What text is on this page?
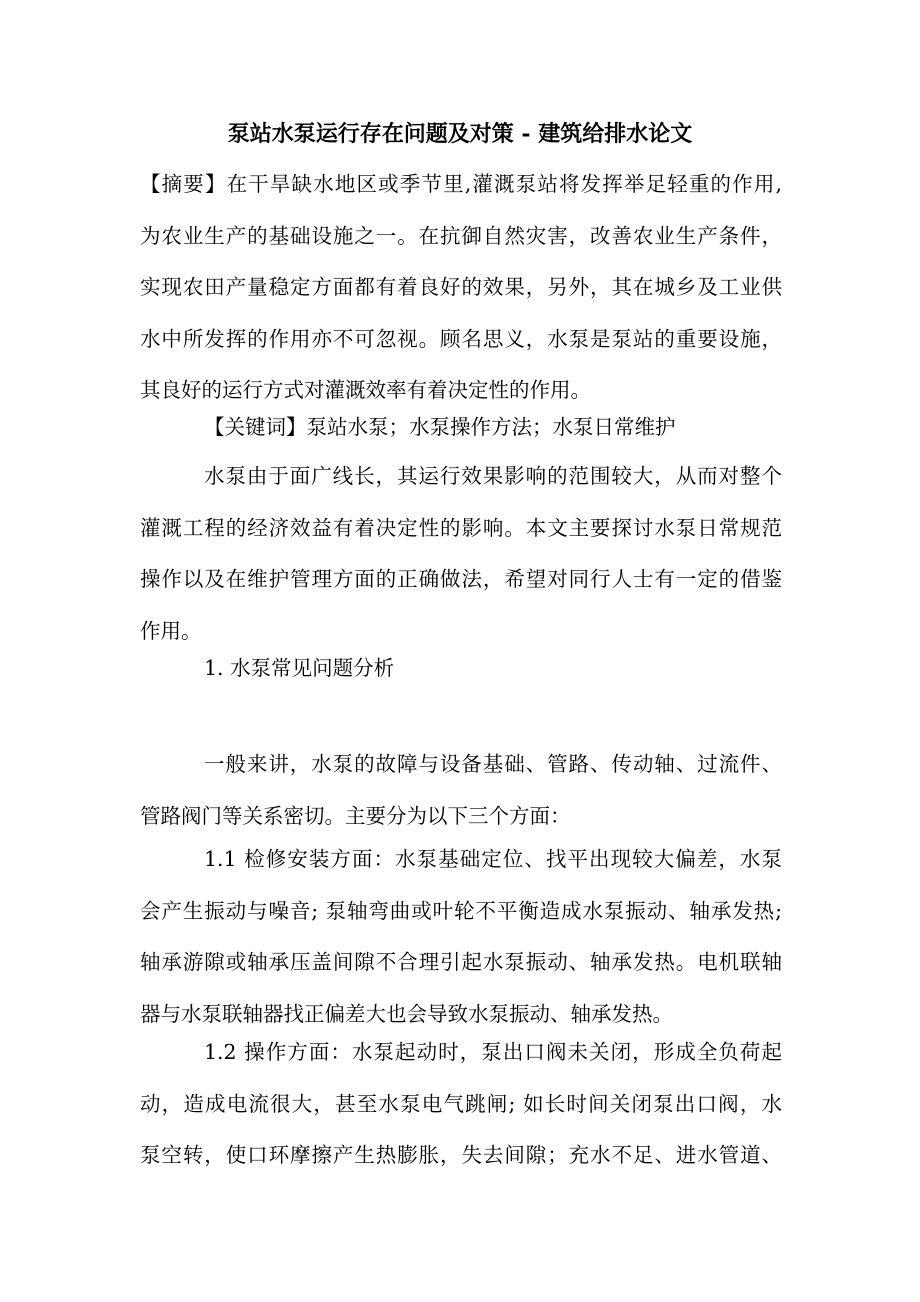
泵站水泵运行存在问题及对策 - 建筑给排水论文
【摘要】在干旱缺水地区或季节里,灌溉泵站将发挥举足轻重的作用,
为农业生产的基础设施之一。在抗御自然灾害，改善农业生产条件，
实现农田产量稳定方面都有着良好的效果，另外，其在城乡及工业供
水中所发挥的作用亦不可忽视。顾名思义，水泵是泵站的重要设施，
其良好的运行方式对灌溉效率有着决定性的作用。
【关键词】泵站水泵；水泵操作方法；水泵日常维护
水泵由于面广线长，其运行效果影响的范围较大，从而对整个
灌溉工程的经济效益有着决定性的影响。本文主要探讨水泵日常规范
操作以及在维护管理方面的正确做法，希望对同行人士有一定的借鉴
作用。
1. 水泵常见问题分析
一般来讲，水泵的故障与设备基础、管路、传动轴、过流件、
管路阀门等关系密切。主要分为以下三个方面：
1.1 检修安装方面：水泵基础定位、找平出现较大偏差，水泵
会产生振动与噪音; 泵轴弯曲或叶轮不平衡造成水泵振动、轴承发热;
轴承游隙或轴承压盖间隙不合理引起水泵振动、轴承发热。电机联轴
器与水泵联轴器找正偏差大也会导致水泵振动、轴承发热。
1.2 操作方面：水泵起动时，泵出口阀未关闭，形成全负荷起
动，造成电流很大，甚至水泵电气跳闸; 如长时间关闭泵出口阀，水
泵空转，使口环摩擦产生热膨胀，失去间隙；充水不足、进水管道、
